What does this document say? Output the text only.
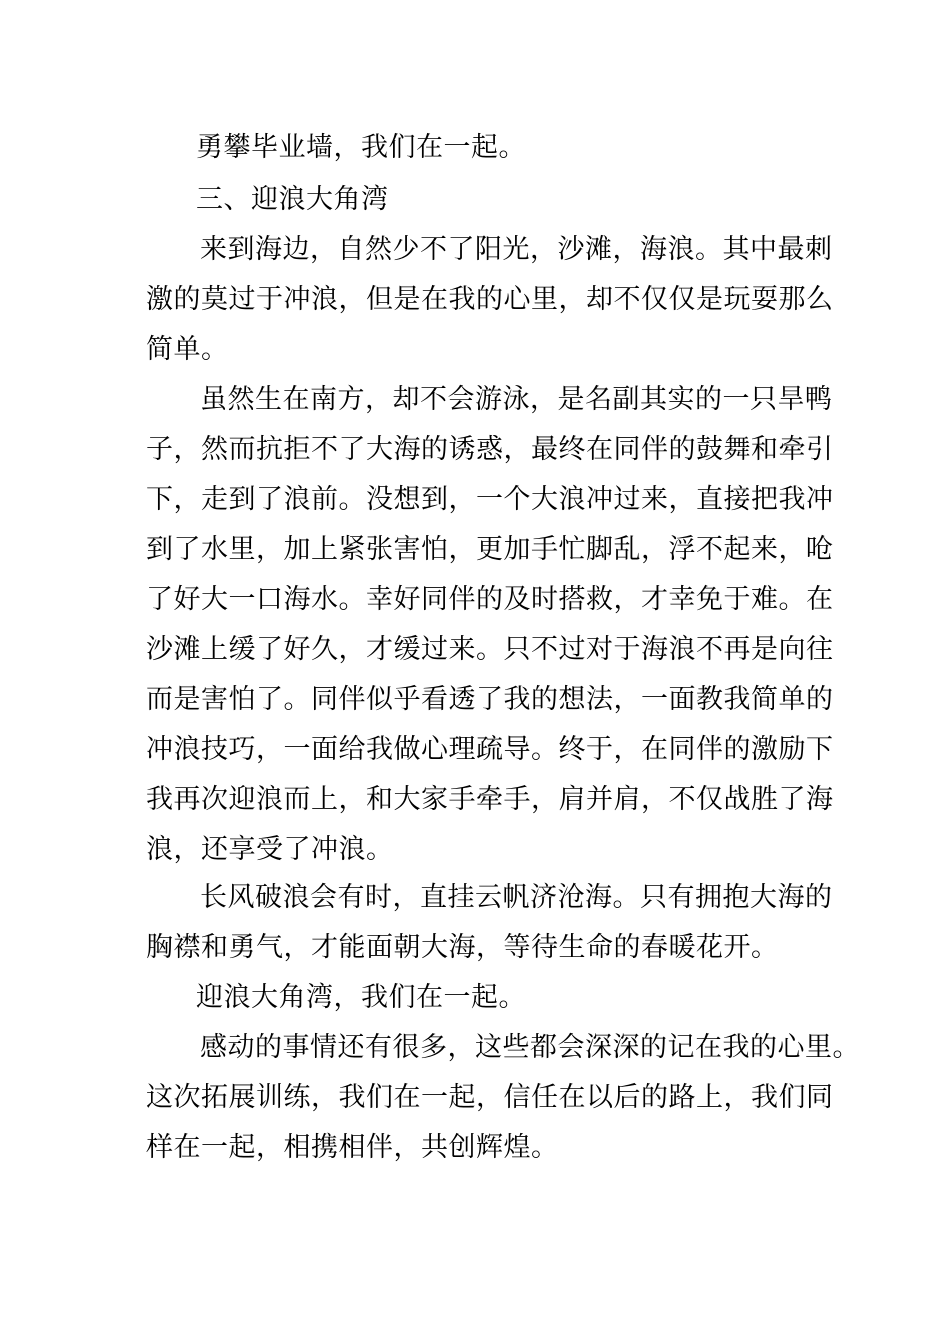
勇攀毕业墙，我们在一起。

三、迎浪大角湾

来到海边，自然少不了阳光，沙滩，海浪。其中最刺

激的莫过于冲浪，但是在我的心里，却不仅仅是玩耍那么

简单。

虽然生在南方，却不会游泳，是名副其实的一只旱鸭

子，然而抗拒不了大海的诱惑，最终在同伴的鼓舞和牵引

下，走到了浪前。没想到，一个大浪冲过来，直接把我冲

到了水里，加上紧张害怕，更加手忙脚乱，浮不起来，呛

了好大一口海水。幸好同伴的及时搭救，才幸免于难。在

沙滩上缓了好久，才缓过来。只不过对于海浪不再是向往

而是害怕了。同伴似乎看透了我的想法，一面教我简单的

冲浪技巧，一面给我做心理疏导。终于，在同伴的激励下

我再次迎浪而上，和大家手牵手，肩并肩，不仅战胜了海

浪，还享受了冲浪。

长风破浪会有时，直挂云帆济沧海。只有拥抱大海的

胸襟和勇气，才能面朝大海，等待生命的春暖花开。

迎浪大角湾，我们在一起。

感动的事情还有很多，这些都会深深的记在我的心里。

这次拓展训练，我们在一起，信任在以后的路上，我们同

样在一起，相携相伴，共创辉煌。
